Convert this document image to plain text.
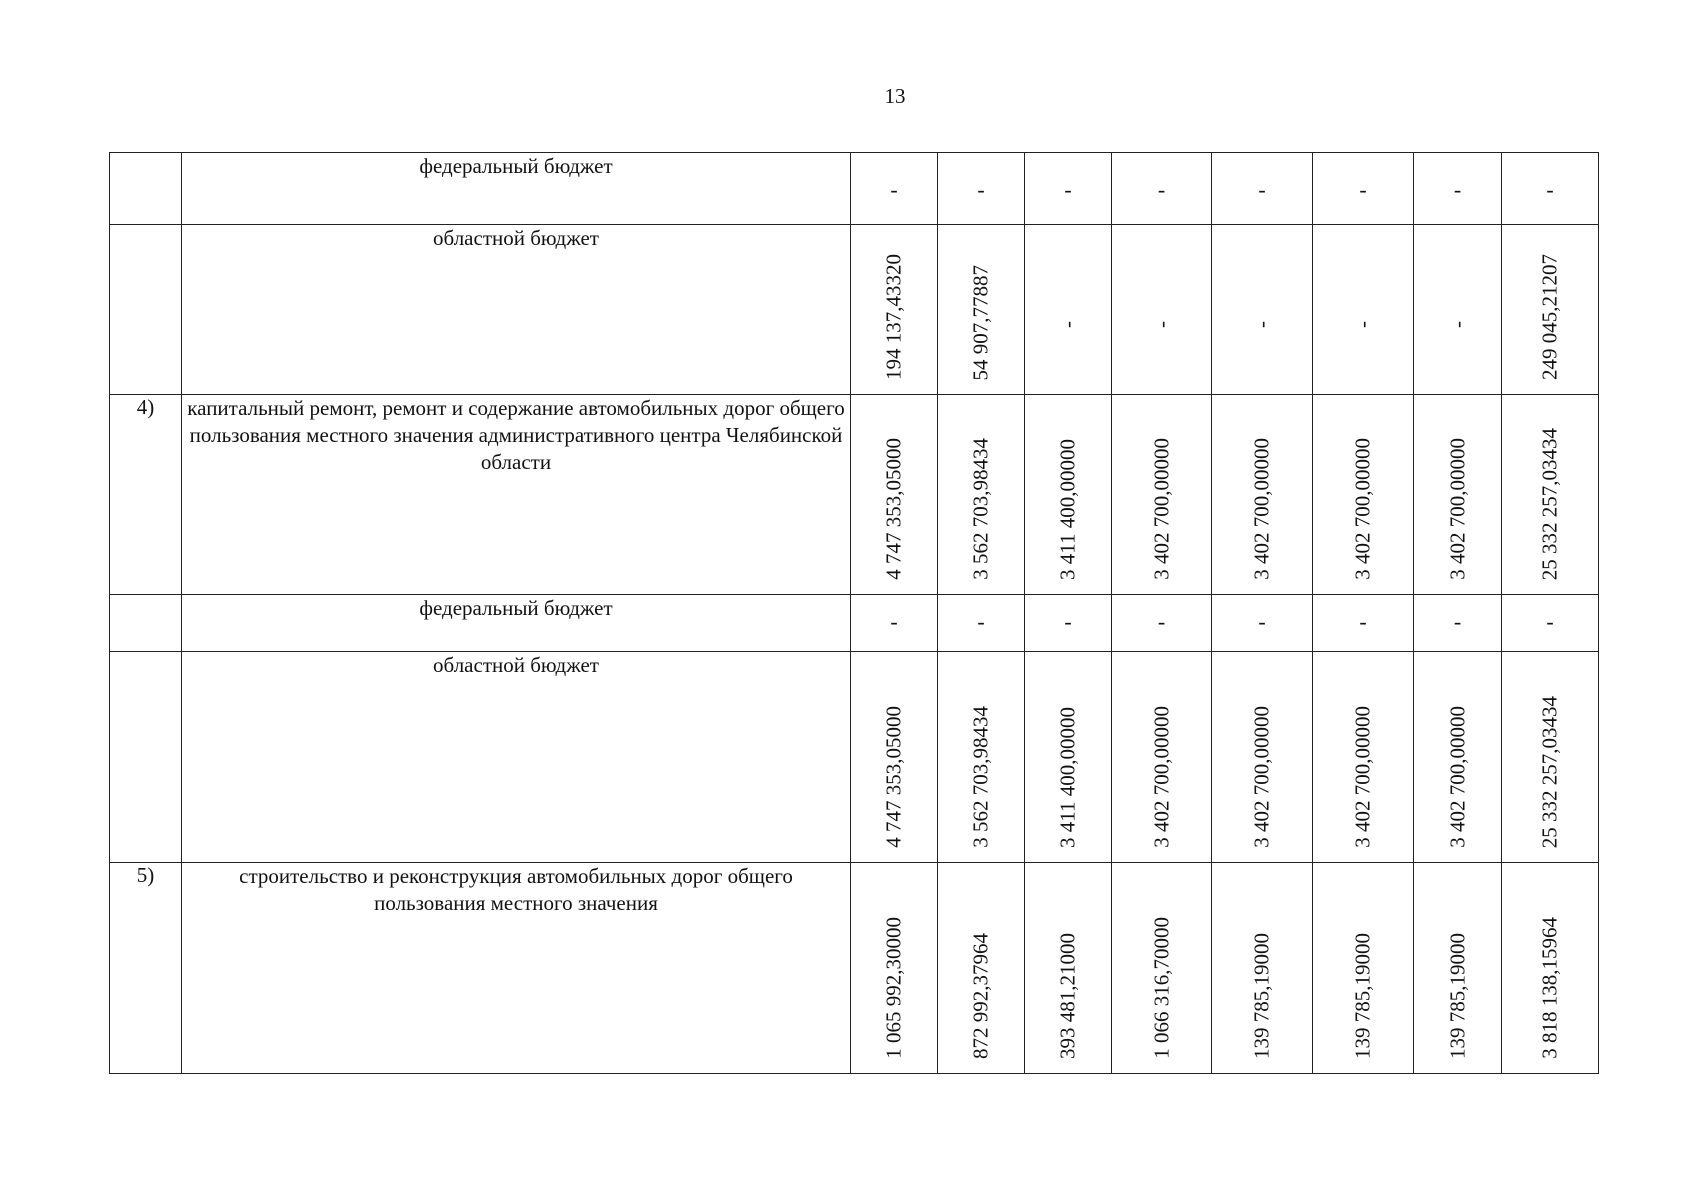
13
	федеральный бюджет	-	-	-	-	-	-	-	-
	областной бюджет	194 137,43320	54 907,77887	-	-	-	-	-	249 045,21207

4)	капитальный ремонт, ремонт и содержание автомобильных дорог общего пользования местного значения административного центра Челябинской области	4 747 353,05000	3 562 703,98434	3 411 400,00000	3 402 700,00000	3 402 700,00000	3 402 700,00000	3 402 700,00000	25 332 257,03434

	федеральный бюджет	-	-	-	-	-	-	-	-
	областной бюджет	4 747 353,05000	3 562 703,98434	3 411 400,00000	3 402 700,00000	3 402 700,00000	3 402 700,00000	3 402 700,00000	25 332 257,03434

5)	строительство и реконструкция автомобильных дорог общего пользования местного значения	1 065 992,30000	872 992,37964	393 481,21000	1 066 316,70000	139 785,19000	139 785,19000	139 785,19000	3 818 138,15964
